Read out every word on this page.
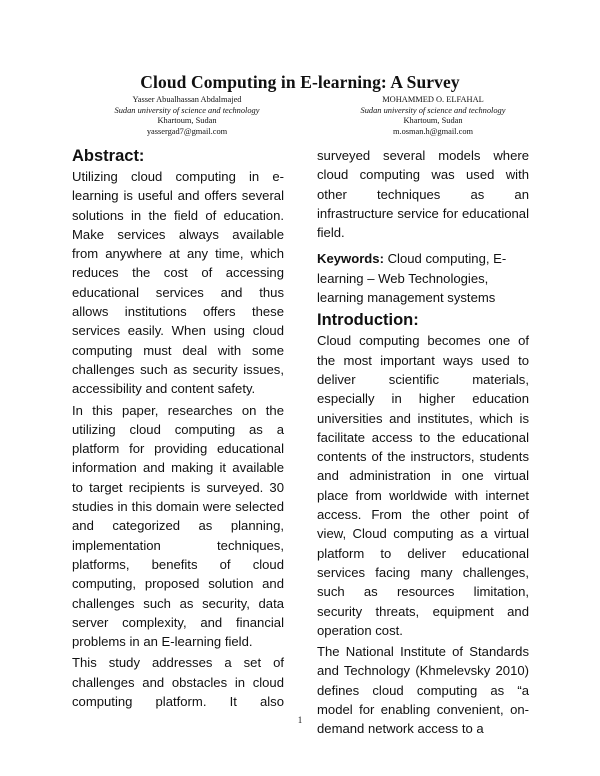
Cloud Computing in E-learning: A Survey
Yasser Abualhassan Abdalmajed
Sudan university of science and technology
Khartoum, Sudan
yassergad7@gmail.com
MOHAMMED O. ELFAHAL
Sudan university of science and technology
Khartoum, Sudan
m.osman.h@gmail.com
Abstract:

Utilizing cloud computing in e-learning is useful and offers several solutions in the field of education. Make services always available from anywhere at any time, which reduces the cost of accessing educational services and thus allows institutions offers these services easily. When using cloud computing must deal with some challenges such as security issues, accessibility and content safety.

In this paper, researches on the utilizing cloud computing as a platform for providing educational information and making it available to target recipients is surveyed. 30 studies in this domain were selected and categorized as planning, implementation techniques, platforms, benefits of cloud computing, proposed solution and challenges such as security, data server complexity, and financial problems in an E-learning field.

This study addresses a set of challenges and obstacles in cloud computing platform. It also

surveyed several models where cloud computing was used with other techniques as an infrastructure service for educational field.

Keywords: Cloud computing, E-learning – Web Technologies, learning management systems

Introduction:

Cloud computing becomes one of the most important ways used to deliver scientific materials, especially in higher education universities and institutes, which is facilitate access to the educational contents of the instructors, students and administration in one virtual place from worldwide with internet access. From the other point of view, Cloud computing as a virtual platform to deliver educational services facing many challenges, such as resources limitation, security threats, equipment and operation cost.

The National Institute of Standards and Technology (Khmelevsky 2010) defines cloud computing as “a model for enabling convenient, on-demand network access to a

1
